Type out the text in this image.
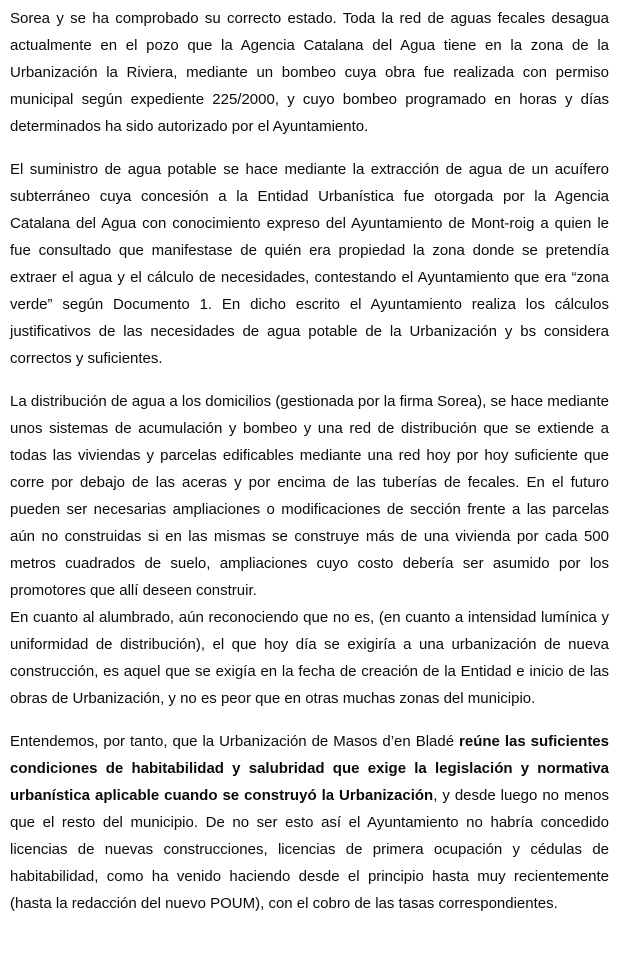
Sorea y se ha comprobado su correcto estado. Toda la red de aguas fecales desagua actualmente en el pozo que la Agencia Catalana del Agua tiene en la zona de la Urbanización la Riviera, mediante un bombeo cuya obra fue realizada con permiso municipal según expediente 225/2000, y cuyo bombeo programado en horas y días determinados ha sido autorizado por el Ayuntamiento.

El suministro de agua potable se hace mediante la extracción de agua de un acuífero subterráneo cuya concesión a la Entidad Urbanística fue otorgada por la Agencia Catalana del Agua con conocimiento expreso del Ayuntamiento de Mont-roig a quien le fue consultado que manifestase de quién era propiedad la zona donde se pretendía extraer el agua y el cálculo de necesidades, contestando el Ayuntamiento que era “zona verde” según Documento 1. En dicho escrito el Ayuntamiento realiza los cálculos justificativos de las necesidades de agua potable de la Urbanización y bs considera correctos y suficientes.

La distribución de agua a los domicilios (gestionada por la firma Sorea), se hace mediante unos sistemas de acumulación y bombeo y una red de distribución que se extiende a todas las viviendas y parcelas edificables mediante una red hoy por hoy suficiente que corre por debajo de las aceras y por encima de las tuberías de fecales. En el futuro pueden ser necesarias ampliaciones o modificaciones de sección frente a las parcelas aún no construidas si en las mismas se construye más de una vivienda por cada 500 metros cuadrados de suelo, ampliaciones cuyo costo debería ser asumido por los promotores que allí deseen construir.

En cuanto al alumbrado, aún reconociendo que no es, (en cuanto a intensidad lumínica y uniformidad de distribución), el que hoy día se exigiría a una urbanización de nueva construcción, es aquel que se exigía en la fecha de creación de la Entidad e inicio de las obras de Urbanización, y no es peor que en otras muchas zonas del municipio.

Entendemos, por tanto, que la Urbanización de Masos d’en Bladé reúne las suficientes condiciones de habitabilidad y salubridad que exige la legislación y normativa urbanística aplicable cuando se construyó la Urbanización, y desde luego no menos que el resto del municipio. De no ser esto así el Ayuntamiento no habría concedido licencias de nuevas construcciones, licencias de primera ocupación y cédulas de habitabilidad, como ha venido haciendo desde el principio hasta muy recientemente (hasta la redacción del nuevo POUM), con el cobro de las tasas correspondientes.
